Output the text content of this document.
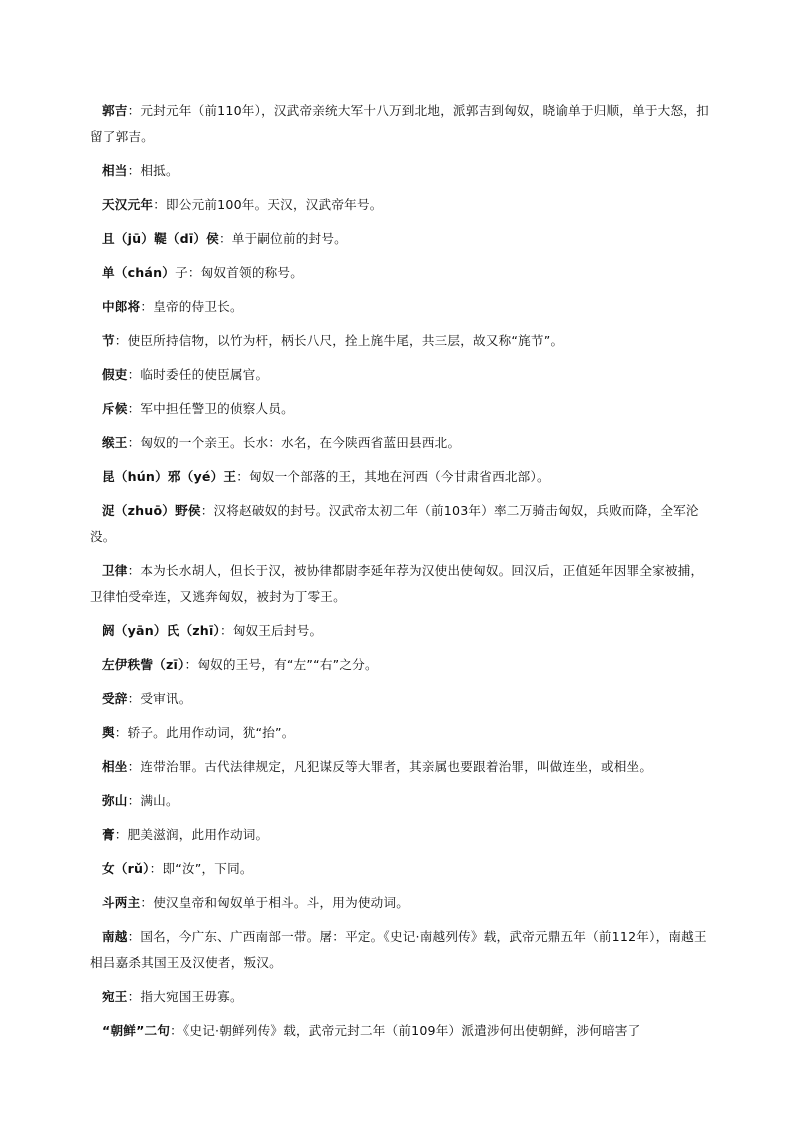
郭吉：元封元年（前110年），汉武帝亲统大军十八万到北地，派郭吉到匈奴，晓谕单于归顺，单于大怒，扣留了郭吉。

相当：相抵。

天汉元年：即公元前100年。天汉，汉武帝年号。

且（jū）鞮（dī）侯：单于嗣位前的封号。

单（chán）子：匈奴首领的称号。

中郎将：皇帝的侍卫长。

节：使臣所持信物，以竹为杆，柄长八尺，拴上旄牛尾，共三层，故又称“旄节”。

假吏：临时委任的使臣属官。

斥候：军中担任警卫的侦察人员。

缑王：匈奴的一个亲王。长水：水名，在今陕西省蓝田县西北。

昆（hún）邪（yé）王：匈奴一个部落的王，其地在河西（今甘肃省西北部）。

浞（zhuō）野侯：汉将赵破奴的封号。汉武帝太初二年（前103年）率二万骑击匈奴，兵败而降，全军沦没。

卫律：本为长水胡人，但长于汉，被协律都尉李延年荐为汉使出使匈奴。回汉后，正值延年因罪全家被捕，卫律怕受牵连，又逃奔匈奴，被封为丁零王。

阏（yān）氏（zhī）：匈奴王后封号。

左伊秩訾（zī）：匈奴的王号，有“左”“右”之分。

受辞：受审讯。

舆：轿子。此用作动词，犹“抬”。

相坐：连带治罪。古代法律规定，凡犯谋反等大罪者，其亲属也要跟着治罪，叫做连坐，或相坐。

弥山：满山。

膏：肥美滋润，此用作动词。

女（rǔ）：即“汝”，下同。

斗两主：使汉皇帝和匈奴单于相斗。斗，用为使动词。

南越：国名，今广东、广西南部一带。屠：平定。《史记·南越列传》载，武帝元鼎五年（前112年），南越王相吕嘉杀其国王及汉使者，叛汉。

宛王：指大宛国王毋寡。

“朝鲜”二句：《史记·朝鲜列传》载，武帝元封二年（前109年）派遣涉何出使朝鲜，涉何暗害了
